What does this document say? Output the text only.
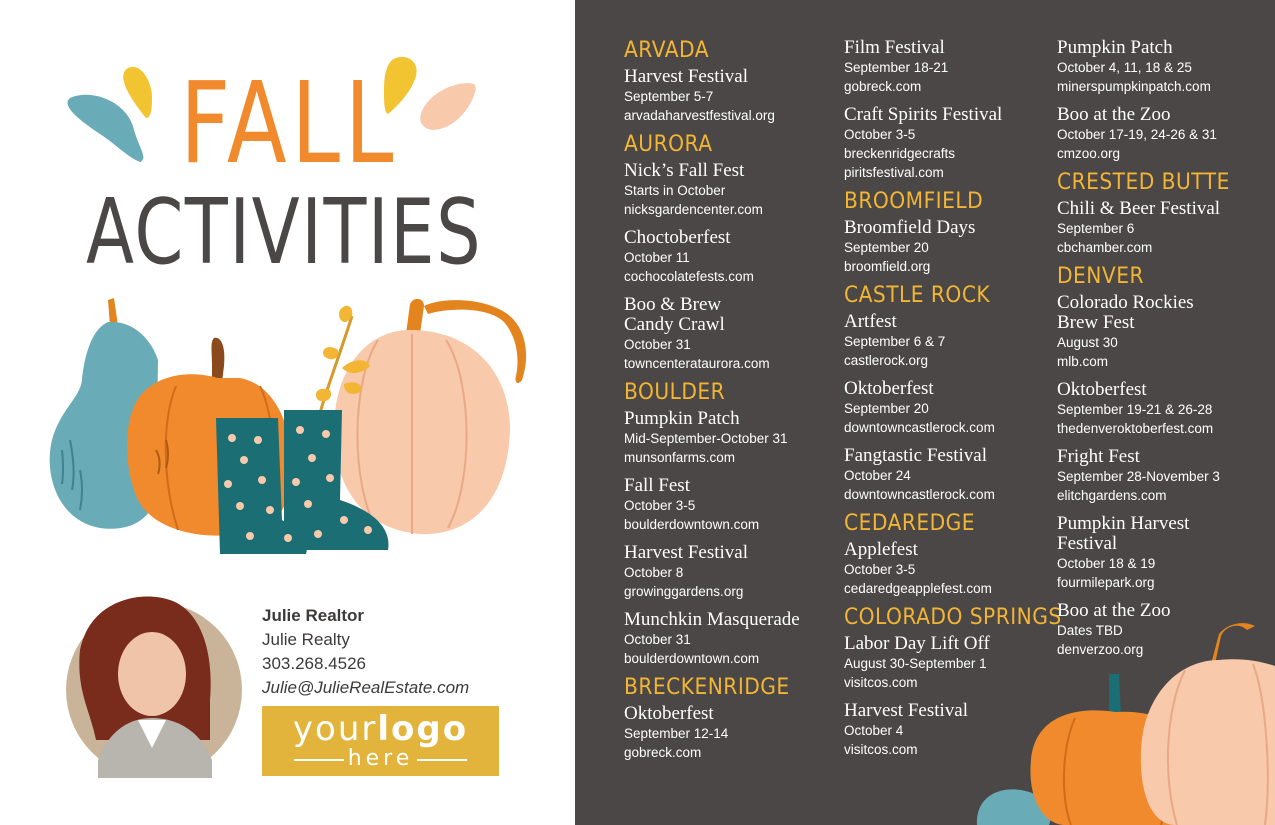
FALL
ACTIVITIES
Julie Realtor
Julie Realty
303.268.4526
Julie@JulieRealEstate.com
yourlogo
here
ARVADA
Harvest Festival
September 5-7
arvadaharvestfestival.org
AURORA
Nick’s Fall Fest
Starts in October
nicksgardencenter.com
Choctoberfest
October 11
cochocolatefests.com
Boo & Brew
Candy Crawl
October 31
towncenterataurora.com
BOULDER
Pumpkin Patch
Mid-September-October 31
munsonfarms.com
Fall Fest
October 3-5
boulderdowntown.com
Harvest Festival
October 8
growinggardens.org
Munchkin Masquerade
October 31
boulderdowntown.com
BRECKENRIDGE
Oktoberfest
September 12-14
gobreck.com
Film Festival
September 18-21
gobreck.com
Craft Spirits Festival
October 3-5
breckenridgecrafts
piritsfestival.com
BROOMFIELD
Broomfield Days
September 20
broomfield.org
CASTLE ROCK
Artfest
September 6 & 7
castlerock.org
Oktoberfest
September 20
downtowncastlerock.com
Fangtastic Festival
October 24
downtowncastlerock.com
CEDAREDGE
Applefest
October 3-5
cedaredgeapplefest.com
COLORADO SPRINGS
Labor Day Lift Off
August 30-September 1
visitcos.com
Harvest Festival
October 4
visitcos.com
Pumpkin Patch
October 4, 11, 18 & 25
minerspumpkinpatch.com
Boo at the Zoo
October 17-19, 24-26 & 31
cmzoo.org
CRESTED BUTTE
Chili & Beer Festival
September 6
cbchamber.com
DENVER
Colorado Rockies
Brew Fest
August 30
mlb.com
Oktoberfest
September 19-21 & 26-28
thedenveroktoberfest.com
Fright Fest
September 28-November 3
elitchgardens.com
Pumpkin Harvest
Festival
October 18 & 19
fourmilepark.org
Boo at the Zoo
Dates TBD
denverzoo.org
